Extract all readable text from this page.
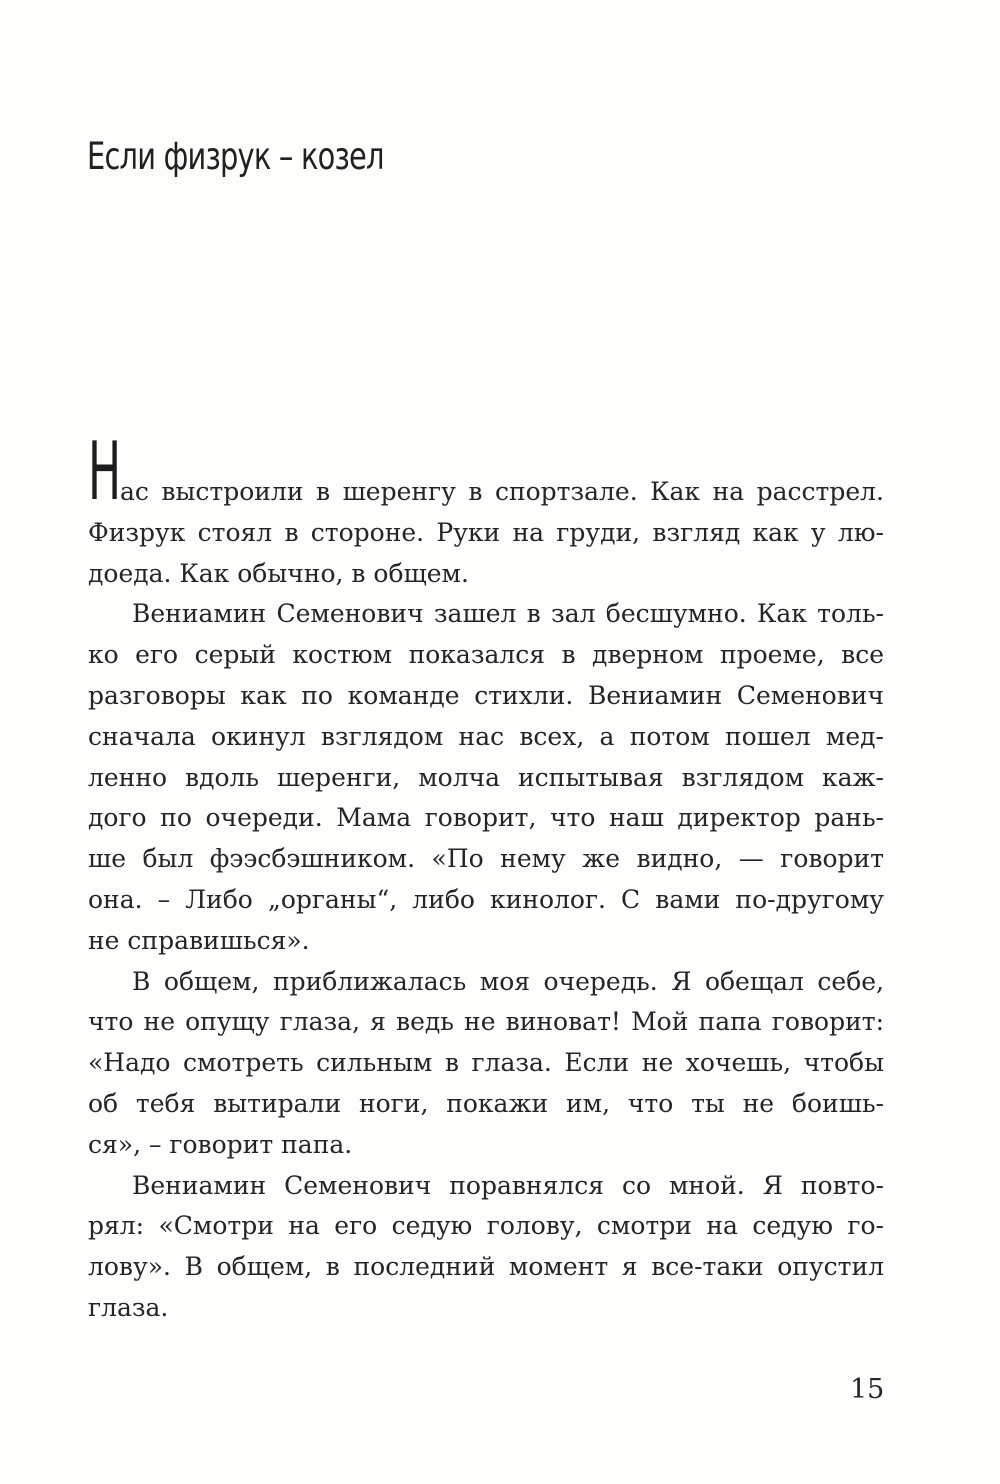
Если физрук – козел
Н
ас выстроили в шеренгу в спортзале. Как на расстрел.
Физрук стоял в стороне. Руки на груди, взгляд как у лю-
доеда. Как обычно, в общем.
Вениамин Семенович зашел в зал бесшумно. Как толь-
ко его серый костюм показался в дверном проеме, все
разговоры как по команде стихли. Вениамин Семенович
сначала окинул взглядом нас всех, а потом пошел мед-
ленно вдоль шеренги, молча испытывая взглядом каж-
дого по очереди. Мама говорит, что наш директор рань-
ше был фээсбэшником. «По нему же видно, — говорит
она. – Либо „органы“, либо кинолог. С вами по-другому
не справишься».
В общем, приближалась моя очередь. Я обещал себе,
что не опущу глаза, я ведь не виноват! Мой папа говорит:
«Надо смотреть сильным в глаза. Если не хочешь, чтобы
об тебя вытирали ноги, покажи им, что ты не боишь-
ся», – говорит папа.
Вениамин Семенович поравнялся со мной. Я повто-
рял: «Смотри на его седую голову, смотри на седую го-
лову». В общем, в последний момент я все-таки опустил
глаза.
15
